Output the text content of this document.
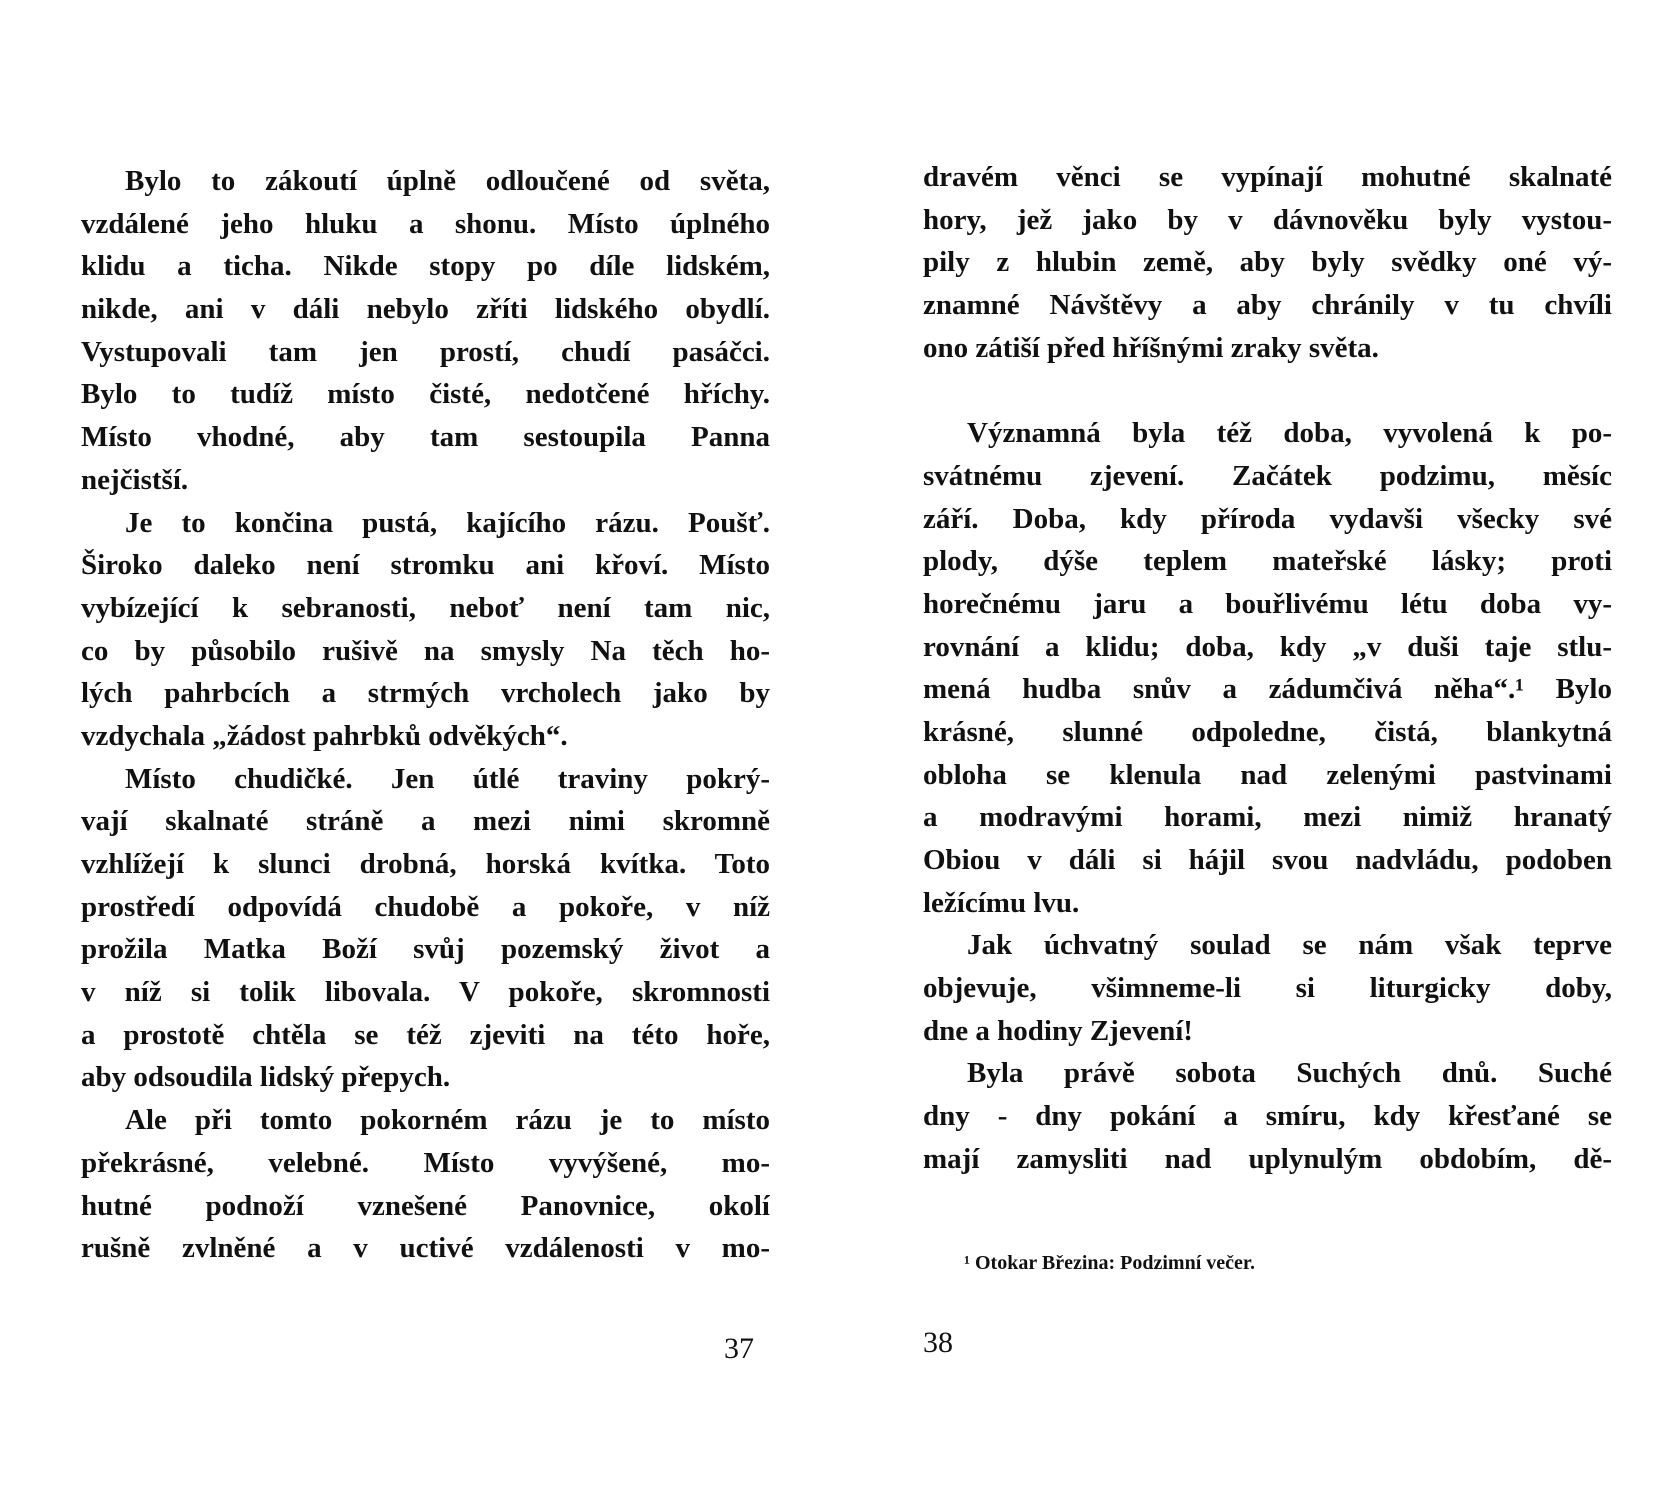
Bylo to zákoutí úplně odloučené od světa,
vzdálené jeho hluku a shonu. Místo úplného
klidu a ticha. Nikde stopy po díle lidském,
nikde, ani v dáli nebylo zříti lidského obydlí.
Vystupovali tam jen prostí, chudí pasáčci.
Bylo to tudíž místo čisté, nedotčené hříchy.
Místo vhodné, aby tam sestoupila Panna
nejčistší.
Je to končina pustá, kajícího rázu. Poušť.
Široko daleko není stromku ani křoví. Místo
vybízející k sebranosti, neboť není tam nic,
co by působilo rušivě na smysly Na těch ho-
lých pahrbcích a strmých vrcholech jako by
vzdychala „žádost pahrbků odvěkých“.
Místo chudičké. Jen útlé traviny pokrý-
vají skalnaté stráně a mezi nimi skromně
vzhlížejí k slunci drobná, horská kvítka. Toto
prostředí odpovídá chudobě a pokoře, v níž
prožila Matka Boží svůj pozemský život a
v níž si tolik libovala. V pokoře, skromnosti
a prostotě chtěla se též zjeviti na této hoře,
aby odsoudila lidský přepych.
Ale při tomto pokorném rázu je to místo
překrásné, velebné. Místo vyvýšené, mo-
hutné podnoží vznešené Panovnice, okolí
rušně zvlněné a v uctivé vzdálenosti v mo-
dravém věnci se vypínají mohutné skalnaté
hory, jež jako by v dávnověku byly vystou-
pily z hlubin země, aby byly svědky oné vý-
znamné Návštěvy a aby chránily v tu chvíli
ono zátiší před hříšnými zraky světa.
Významná byla též doba, vyvolená k po-
svátnému zjevení. Začátek podzimu, měsíc
září. Doba, kdy příroda vydavši všecky své
plody, dýše teplem mateřské lásky; proti
horečnému jaru a bouřlivému létu doba vy-
rovnání a klidu; doba, kdy „v duši taje stlu-
mená hudba snův a zádumčivá něha“.¹ Bylo
krásné, slunné odpoledne, čistá, blankytná
obloha se klenula nad zelenými pastvinami
a modravými horami, mezi nimiž hranatý
Obiou v dáli si hájil svou nadvládu, podoben
ležícímu lvu.
Jak úchvatný soulad se nám však teprve
objevuje, všimneme-li si liturgicky doby,
dne a hodiny Zjevení!
Byla právě sobota Suchých dnů. Suché
dny - dny pokání a smíru, kdy křesťané se
mají zamysliti nad uplynulým obdobím, dě-
¹ Otokar Březina: Podzimní večer.
37	38
